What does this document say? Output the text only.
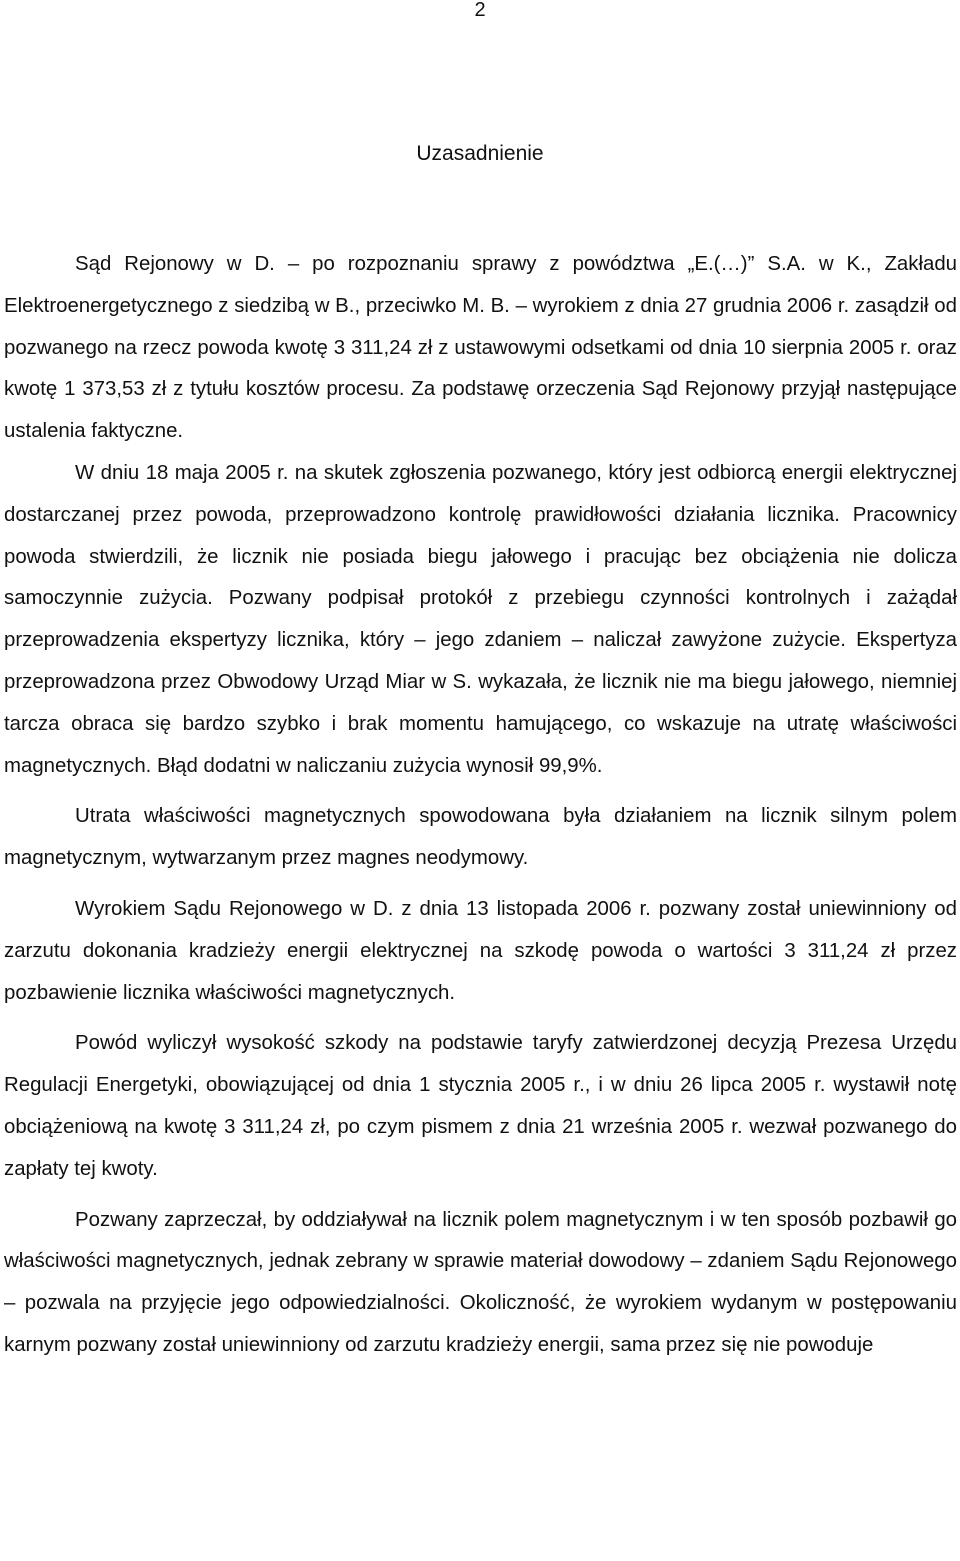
2
Uzasadnienie

Sąd Rejonowy w D. – po rozpoznaniu sprawy z powództwa „E.(…)” S.A. w K., Zakładu Elektroenergetycznego z siedzibą w B., przeciwko M. B. – wyrokiem z dnia 27 grudnia 2006 r. zasądził od pozwanego na rzecz powoda kwotę 3 311,24 zł z ustawowymi odsetkami od dnia 10 sierpnia 2005 r. oraz kwotę 1 373,53 zł z tytułu kosztów procesu. Za podstawę orzeczenia Sąd Rejonowy przyjął następujące ustalenia faktyczne.

W dniu 18 maja 2005 r. na skutek zgłoszenia pozwanego, który jest odbiorcą energii elektrycznej dostarczanej przez powoda, przeprowadzono kontrolę prawidłowości działania licznika. Pracownicy powoda stwierdzili, że licznik nie posiada biegu jałowego i pracując bez obciążenia nie dolicza samoczynnie zużycia. Pozwany podpisał protokół z przebiegu czynności kontrolnych i zażądał przeprowadzenia ekspertyzy licznika, który – jego zdaniem – naliczał zawyżone zużycie. Ekspertyza przeprowadzona przez Obwodowy Urząd Miar w S. wykazała, że licznik nie ma biegu jałowego, niemniej tarcza obraca się bardzo szybko i brak momentu hamującego, co wskazuje na utratę właściwości magnetycznych. Błąd dodatni w naliczaniu zużycia wynosił 99,9%.

Utrata właściwości magnetycznych spowodowana była działaniem na licznik silnym polem magnetycznym, wytwarzanym przez magnes neodymowy.

Wyrokiem Sądu Rejonowego w D. z dnia 13 listopada 2006 r. pozwany został uniewinniony od zarzutu dokonania kradzieży energii elektrycznej na szkodę powoda o wartości 3 311,24 zł przez pozbawienie licznika właściwości magnetycznych.

Powód wyliczył wysokość szkody na podstawie taryfy zatwierdzonej decyzją Prezesa Urzędu Regulacji Energetyki, obowiązującej od dnia 1 stycznia 2005 r., i w dniu 26 lipca 2005 r. wystawił notę obciążeniową na kwotę 3 311,24 zł, po czym pismem z dnia 21 września 2005 r. wezwał pozwanego do zapłaty tej kwoty.

Pozwany zaprzeczał, by oddziaływał na licznik polem magnetycznym i w ten sposób pozbawił go właściwości magnetycznych, jednak zebrany w sprawie materiał dowodowy – zdaniem Sądu Rejonowego – pozwala na przyjęcie jego odpowiedzialności. Okoliczność, że wyrokiem wydanym w postępowaniu karnym pozwany został uniewinniony od zarzutu kradzieży energii, sama przez się nie powoduje
